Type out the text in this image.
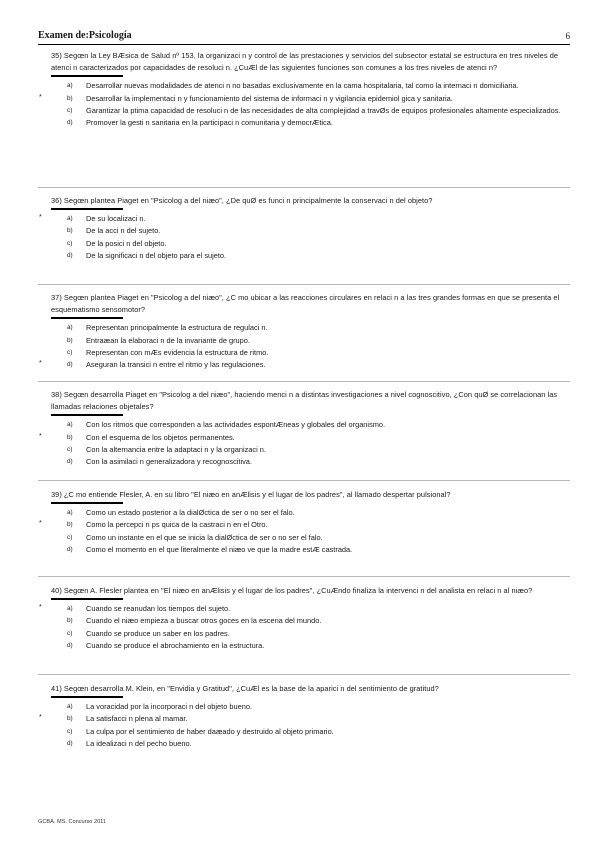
Examen de:Psicología	6
35) Segœn la Ley BÆsica de Salud nº 153, la organizaci n y control de las prestaciones y servicios del subsector estatal se estructura en tres niveles de atenci n caracterizados por capacidades de resoluci n. ¿CuÆl de las siguientes funciones son comunes a los tres niveles de atenci n?
a) Desarrollar nuevas modalidades de atenci n no basadas exclusivamente en la cama hospitalaria, tal como la internaci n domiciliaria.
*	b) Desarrollar la implementaci n y funcionamiento del sistema de informaci n y vigilancia epidemiol gica y sanitaria.
c) Garantizar la ptima capacidad de resoluci n de las necesidades de alta complejidad a travØs de equipos profesionales altamente especializados.
d) Promover la gesti n sanitaria en la participaci n comunitaria y democrÆtica.
36) Segœn plantea Piaget en "Psicolog a del niæo", ¿De quØ es funci n principalmente la conservaci n del objeto?
*	a) De su localizaci n.
b) De la acci n del sujeto.
c) De la posici n del objeto.
d) De la significaci n del objeto para el sujeto.
37) Segœn plantea Piaget en "Psicolog a del niæo", ¿C mo ubicar a las reacciones circulares en relaci n a las tres grandes formas en que se presenta el esquematismo sensomotor?
a) Representan principalmente la estructura de regulaci n.
b) Entraæan la elaboraci n de la invariante de grupo.
c) Representan con mÆs evidencia la estructura de ritmo.
*	d) Aseguran la transici n entre el ritmo y las regulaciones.
38) Segœn desarrolla Piaget en "Psicolog a del niæo", haciendo menci n a distintas investigaciones a nivel cognoscitivo, ¿Con quØ se correlacionan las llamadas relaciones objetales?
a) Con los ritmos que corresponden a las actividades espontÆneas y globales del organismo.
*	b) Con el esquema de los objetos permanentes.
c) Con la alternancia entre la adaptaci n y la organizaci n.
d) Con la asimilaci n generalizadora y recognoscitiva.
39) ¿C mo entiende Flesler, A. en su libro "El niæo en anÆlisis y el lugar de los padres", al llamado despertar pulsional?
a) Como un estado posterior a la dialØctica de ser o no ser el falo.
*	b) Como la percepci n ps quica de la castraci n en el Otro.
c) Como un instante en el que se inicia la dialØctica de ser o no ser el falo.
d) Como el momento en el que literalmente el niæo ve que la madre estÆ castrada.
40) Segœn A. Flesler plantea en "El niæo en anÆlisis y el lugar de los padres", ¿CuÆndo finaliza la intervenci n del analista en relaci n al niæo?
*	a) Cuando se reanudan los tiempos del sujeto.
b) Cuando el niæo empieza a buscar otros goces en la escena del mundo.
c) Cuando se produce un saber en los padres.
d) Cuando se produce el abrochamiento en la estructura.
41) Segœn desarrolla M. Klein, en "Envidia y Gratitud", ¿CuÆl es la base de la aparici n del sentimiento de gratitud?
a) La voracidad por la incorporaci n del objeto bueno.
*	b) La satisfacci n plena al mamar.
c) La culpa por el sentimiento de haber daæado y destruido al objeto primario.
d) La idealizaci n del pecho bueno.
GCBA. MS. Concurso 2011
